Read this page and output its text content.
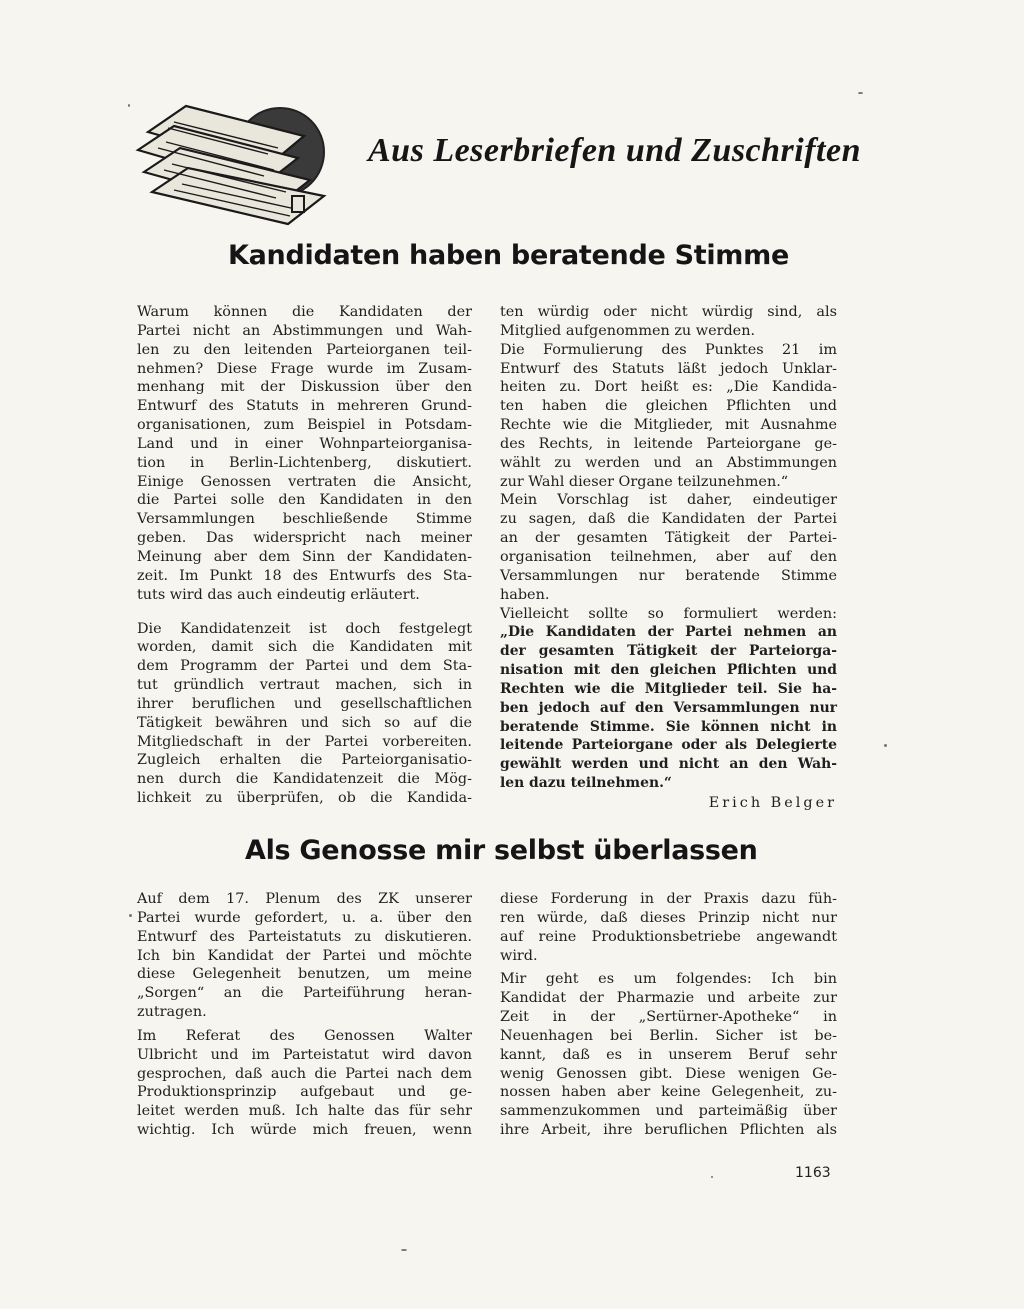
Aus Leserbriefen und Zuschriften
Kandidaten haben beratende Stimme

Warum können die Kandidaten der

Partei nicht an Abstimmungen und Wah-

len zu den leitenden Parteiorganen teil-

nehmen? Diese Frage wurde im Zusam-

menhang mit der Diskussion über den

Entwurf des Statuts in mehreren Grund-

organisationen, zum Beispiel in Potsdam-

Land und in einer Wohnparteiorganisa-

tion in Berlin-Lichtenberg, diskutiert.

Einige Genossen vertraten die Ansicht,

die Partei solle den Kandidaten in den

Versammlungen beschließende Stimme

geben. Das widerspricht nach meiner

Meinung aber dem Sinn der Kandidaten-

zeit. Im Punkt 18 des Entwurfs des Sta-

tuts wird das auch eindeutig erläutert.

Die Kandidatenzeit ist doch festgelegt

worden, damit sich die Kandidaten mit

dem Programm der Partei und dem Sta-

tut gründlich vertraut machen, sich in

ihrer beruflichen und gesellschaftlichen

Tätigkeit bewähren und sich so auf die

Mitgliedschaft in der Partei vorbereiten.

Zugleich erhalten die Parteiorganisatio-

nen durch die Kandidatenzeit die Mög-

lichkeit zu überprüfen, ob die Kandida-

ten würdig oder nicht würdig sind, als

Mitglied aufgenommen zu werden.

Die Formulierung des Punktes 21 im

Entwurf des Statuts läßt jedoch Unklar-

heiten zu. Dort heißt es: „Die Kandida-

ten haben die gleichen Pflichten und

Rechte wie die Mitglieder, mit Ausnahme

des Rechts, in leitende Parteiorgane ge-

wählt zu werden und an Abstimmungen

zur Wahl dieser Organe teilzunehmen.“

Mein Vorschlag ist daher, eindeutiger

zu sagen, daß die Kandidaten der Partei

an der gesamten Tätigkeit der Partei-

organisation teilnehmen, aber auf den

Versammlungen nur beratende Stimme

haben.

Vielleicht sollte so formuliert werden:

„Die Kandidaten der Partei nehmen an

der gesamten Tätigkeit der Parteiorga-

nisation mit den gleichen Pflichten und

Rechten wie die Mitglieder teil. Sie ha-

ben jedoch auf den Versammlungen nur

beratende Stimme. Sie können nicht in

leitende Parteiorgane oder als Delegierte

gewählt werden und nicht an den Wah-

len dazu teilnehmen.“

Erich Belger

Als Genosse mir selbst überlassen

Auf dem 17. Plenum des ZK unserer

Partei wurde gefordert, u. a. über den

Entwurf des Parteistatuts zu diskutieren.

Ich bin Kandidat der Partei und möchte

diese Gelegenheit benutzen, um meine

„Sorgen“ an die Parteiführung heran-

zutragen.

Im Referat des Genossen Walter

Ulbricht und im Parteistatut wird davon

gesprochen, daß auch die Partei nach dem

Produktionsprinzip aufgebaut und ge-

leitet werden muß. Ich halte das für sehr

wichtig. Ich würde mich freuen, wenn

diese Forderung in der Praxis dazu füh-

ren würde, daß dieses Prinzip nicht nur

auf reine Produktionsbetriebe angewandt

wird.

Mir geht es um folgendes: Ich bin

Kandidat der Pharmazie und arbeite zur

Zeit in der „Sertürner-Apotheke“ in

Neuenhagen bei Berlin. Sicher ist be-

kannt, daß es in unserem Beruf sehr

wenig Genossen gibt. Diese wenigen Ge-

nossen haben aber keine Gelegenheit, zu-

sammenzukommen und parteimäßig über

ihre Arbeit, ihre beruflichen Pflichten als

1163
